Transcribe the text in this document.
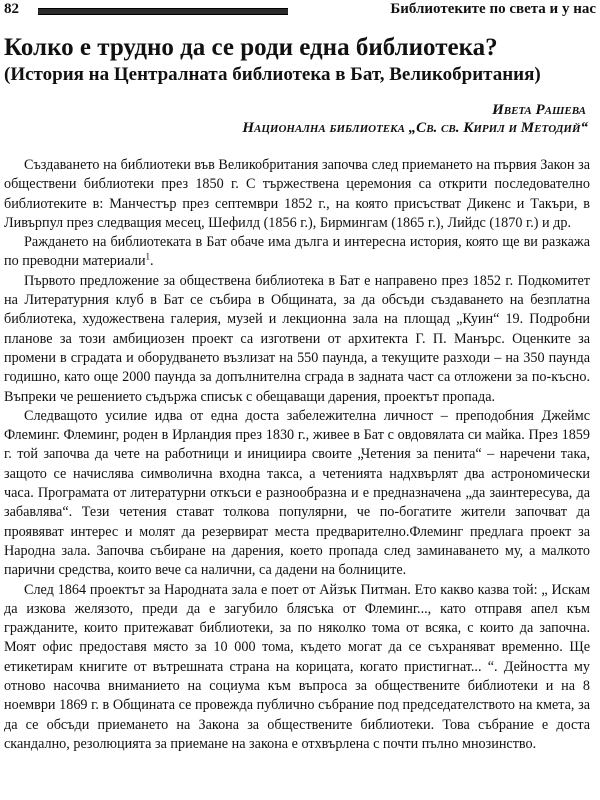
82	Библиотеките по света и у нас
Колко е трудно да се роди една библиотека?
(История на Централната библиотека в Бат, Великобритания)
Ивета Рашева
Национална библиотека „Св. св. Кирил и Методий“

Създаването на библиотеки във Великобритания започва след приемането на първия Закон за обществени библиотеки през 1850 г. С тържествена церемония са открити последователно библиотеките в: Манчестър през септември 1852 г., на която присъстват Дикенс и Такъри, в Ливърпул през следващия месец, Шефилд (1856 г.), Бирмингам (1865 г.), Лийдс (1870 г.) и др.

Раждането на библиотеката в Бат обаче има дълга и интересна история, която ще ви разкажа по преводни материали$^1$.

Първото предложение за обществена библиотека в Бат е направено през 1852 г. Подкомитет на Литературния клуб в Бат се събира в Общината, за да обсъди създаването на безплатна библиотека, художествена галерия, музей и лекционна зала на площад „Куин“ 19. Подробни планове за този амбициозен проект са изготвени от архитекта Г. П. Манърс. Оценките за промени в сградата и оборудването възлизат на 550 паунда, а текущите разходи – на 350 паунда годишно, като още 2000 паунда за допълнителна сграда в задната част са отложени за по-късно. Въпреки че решението съдържа списък с обещаващи дарения, проектът пропада.

Следващото усилие идва от една доста забележителна личност – преподобния Джеймс Флеминг. Флеминг, роден в Ирландия през 1830 г., живее в Бат с овдовялата си майка. През 1859 г. той започва да чете на работници и инициира своите „Четения за пенита“ – наречени така, защото се начислява символична входна такса, а четенията надхвърлят два астрономически часа. Програмата от литературни откъси е разнообразна и е предназначена „да заинтересува, да забавлява“. Тези четения стават толкова популярни, че по-богатите жители започват да проявяват интерес и молят да резервират места предварително.Флеминг предлага проект за Народна зала. Започва събиране на дарения, което пропада след заминаването му, а малкото парични средства, които вече са налични, са дадени на болниците.

След 1864 проектът за Народната зала е поет от Айзък Питман. Ето какво казва той: „ Искам да изкова желязото, преди да е загубило блясъка от Флеминг..., като отправя апел към гражданите, които притежават библиотеки, за по няколко тома от всяка, с които да започна. Моят офис предоставя място за 10 000 тома, където могат да се съхраняват временно. Ще етикетирам книгите от вътрешната страна на корицата, когато пристигнат... “. Дейността му отново насочва вниманието на социума към въпроса за обществените библиотеки и на 8 ноември 1869 г. в Общината се провежда публично събрание под председателството на кмета, за да се обсъди приемането на Закона за обществените библиотеки. Това събрание е доста скандално, резолюцията за приемане на закона е отхвърлена с почти пълно мнозинство.
